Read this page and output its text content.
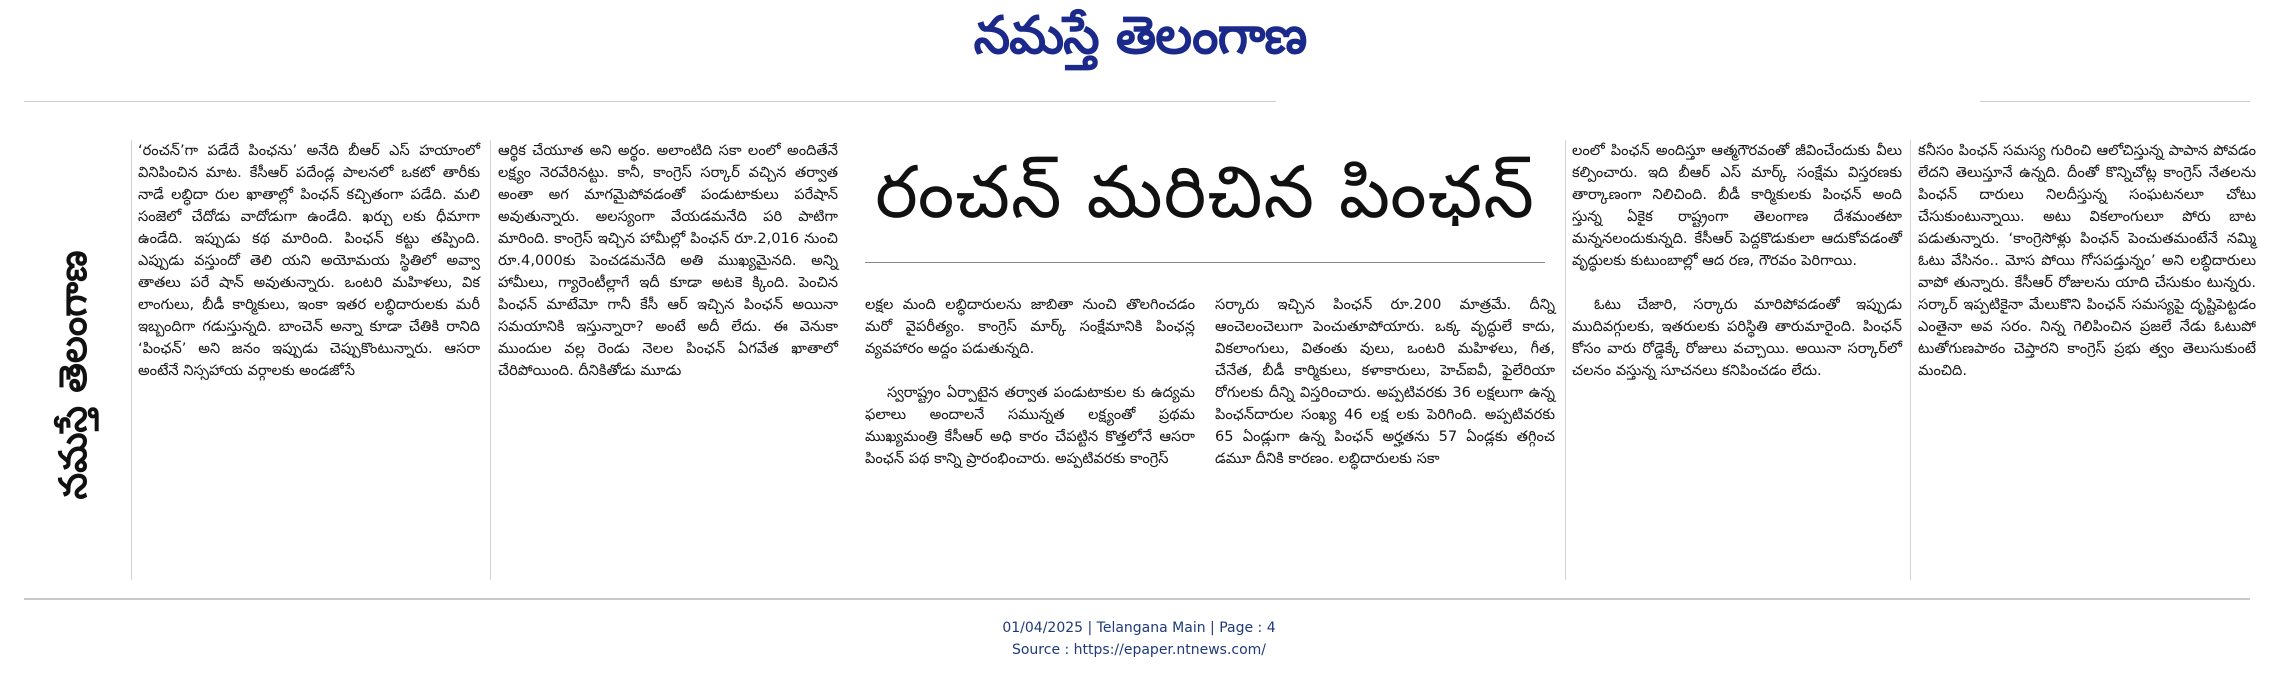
నమస్తే తెలంగాణ
నమస్తే తెలంగాణ

‘రంచన్’గా పడేదే పింఛను’ అనేది బీఆర్ ఎస్ హయాంలో వినిపించిన మాట. కేసీఆర్ పదేండ్ల పాలనలో ఒకటో తారీకు నాడే లబ్ధిదా రుల ఖాతాల్లో పింఛన్ కచ్చితంగా పడేది. మలి సంజెలో చేదోడు వాదోడుగా ఉండేది. ఖర్చు లకు ధీమాగా ఉండేది. ఇప్పుడు కథ మారింది. పింఛన్ కట్టు తప్పింది. ఎప్పుడు వస్తుందో తెలి యని అయోమయ స్థితిలో అవ్వా తాతలు పరే షాన్ అవుతున్నారు. ఒంటరి మహిళలు, విక లాంగులు, బీడీ కార్మికులు, ఇంకా ఇతర లబ్ధిదారులకు మరీ ఇబ్బందిగా గడుస్తున్నది. బాంచెన్ అన్నా కూడా చేతికి రానిది ‘పింఛన్’ అని జనం ఇప్పుడు చెప్పుకొంటున్నారు. ఆసరా అంటేనే నిస్సహాయ వర్గాలకు అండజోసే

ఆర్థిక చేయూత అని అర్థం. అలాంటిది సకా లంలో అందితేనే లక్ష్యం నెరవేరినట్టు. కానీ, కాంగ్రెస్ సర్కార్ వచ్చిన తర్వాత అంతా అగ మాగమైపోవడంతో పండుటాకులు పరేషాన్ అవుతున్నారు. అలస్యంగా వేయడమనేది పరి పాటిగా మారింది. కాంగ్రెస్ ఇచ్చిన హామీల్లో పింఛన్ రూ.2,016 నుంచి రూ.4,000కు పెంచడమనేది అతి ముఖ్యమైనది. అన్ని హామీలు, గ్యారెంటీల్లాగే ఇదీ కూడా అటకె క్కింది. పెంచిన పింఛన్ మాటేమో గానీ కేసీ ఆర్ ఇచ్చిన పింఛన్ అయినా సమయానికి ఇస్తున్నారా? అంటే అదీ లేదు. ఈ వెనుకా ముందుల వల్ల రెండు నెలల పింఛన్ ఏగవేత ఖాతాలో చేరిపోయింది. దీనికితోడు మూడు

రంచన్ మరిచిన పింఛన్

లక్షల మంది లబ్ధిదారులను జాబితా నుంచి తొలగించడం మరో వైపరీత్యం. కాంగ్రెస్ మార్క్ సంక్షేమానికి పింఛన్ల వ్యవహారం అద్దం పడుతున్నది.

స్వరాష్ట్రం ఏర్పాటైన తర్వాత పండుటాకుల కు ఉద్యమ ఫలాలు అందాలనే సమున్నత లక్ష్యంతో ప్రథమ ముఖ్యమంత్రి కేసీఆర్ అధి కారం చేపట్టిన కొత్తలోనే ఆసరా పింఛన్ పథ కాన్ని ప్రారంభించారు. అప్పటివరకు కాంగ్రెస్

సర్కారు ఇచ్చిన పింఛన్ రూ.200 మాత్రమే. దీన్ని ఆంచెలంచెలుగా పెంచుతూపోయారు. ఒక్క వృద్ధులే కాదు, వికలాంగులు, వితంతు వులు, ఒంటరి మహిళలు, గీత, చేనేత, బీడీ కార్మికులు, కళాకారులు, హెచ్ఐవీ, ఫైలేరియా రోగులకు దీన్ని విస్తరించారు. అప్పటివరకు 36 లక్షలుగా ఉన్న పింఛన్‌దారుల సంఖ్య 46 లక్ష లకు పెరిగింది. అప్పటివరకు 65 ఏండ్లుగా ఉన్న పింఛన్ అర్హతను 57 ఏండ్లకు తగ్గించ డమూ దీనికి కారణం. లబ్ధిదారులకు సకా

లంలో పింఛన్ అందిస్తూ ఆత్మగౌరవంతో జీవించేందుకు వీలు కల్పించారు. ఇది బీఆర్ ఎస్ మార్క్ సంక్షేమ విస్తరణకు తార్కాణంగా నిలిచింది. బీడీ కార్మికులకు పింఛన్ అంది స్తున్న ఏకైక రాష్ట్రంగా తెలంగాణ దేశమంతటా మన్ననలందుకున్నది. కేసీఆర్ పెద్దకొడుకులా ఆదుకోవడంతో వృద్ధులకు కుటుంబాల్లో ఆద రణ, గౌరవం పెరిగాయి.

ఓటు చేజారి, సర్కారు మారిపోవడంతో ఇప్పుడు ముదివగ్గులకు, ఇతరులకు పరిస్థితి తారుమారైంది. పింఛన్ కోసం వారు రోడ్డెక్కే రోజులు వచ్చాయి. అయినా సర్కార్‌లో చలనం వస్తున్న సూచనలు కనిపించడం లేదు.

కనీసం పింఛన్ సమస్య గురించి ఆలోచిస్తున్న పాపాన పోవడం లేదని తెలుస్తూనే ఉన్నది. దీంతో కొన్నిచోట్ల కాంగ్రెస్ నేతలను పింఛన్ దారులు నిలదీస్తున్న సంఘటనలూ చోటు చేసుకుంటున్నాయి. అటు వికలాంగులూ పోరు బాట పడుతున్నారు. ‘కాంగ్రెసోళ్లు పింఛన్ పెంచుతమంటేనే నమ్మి ఓటు వేసినం.. మోస పోయి గోసపడ్తున్నం’ అని లబ్ధిదారులు వాపో తున్నారు. కేసీఆర్ రోజులను యాది చేసుకుం టున్నరు. సర్కార్ ఇప్పటికైనా మేలుకొని పింఛన్ సమస్యపై దృష్టిపెట్టడం ఎంతైనా అవ సరం. నిన్న గెలిపించిన ప్రజలే నేడు ఓటుపో టుతోగుణపాఠం చెప్తారని కాంగ్రెస్ ప్రభు త్వం తెలుసుకుంటే మంచిది.

01/04/2025 | Telangana Main | Page : 4
Source : https://epaper.ntnews.com/
